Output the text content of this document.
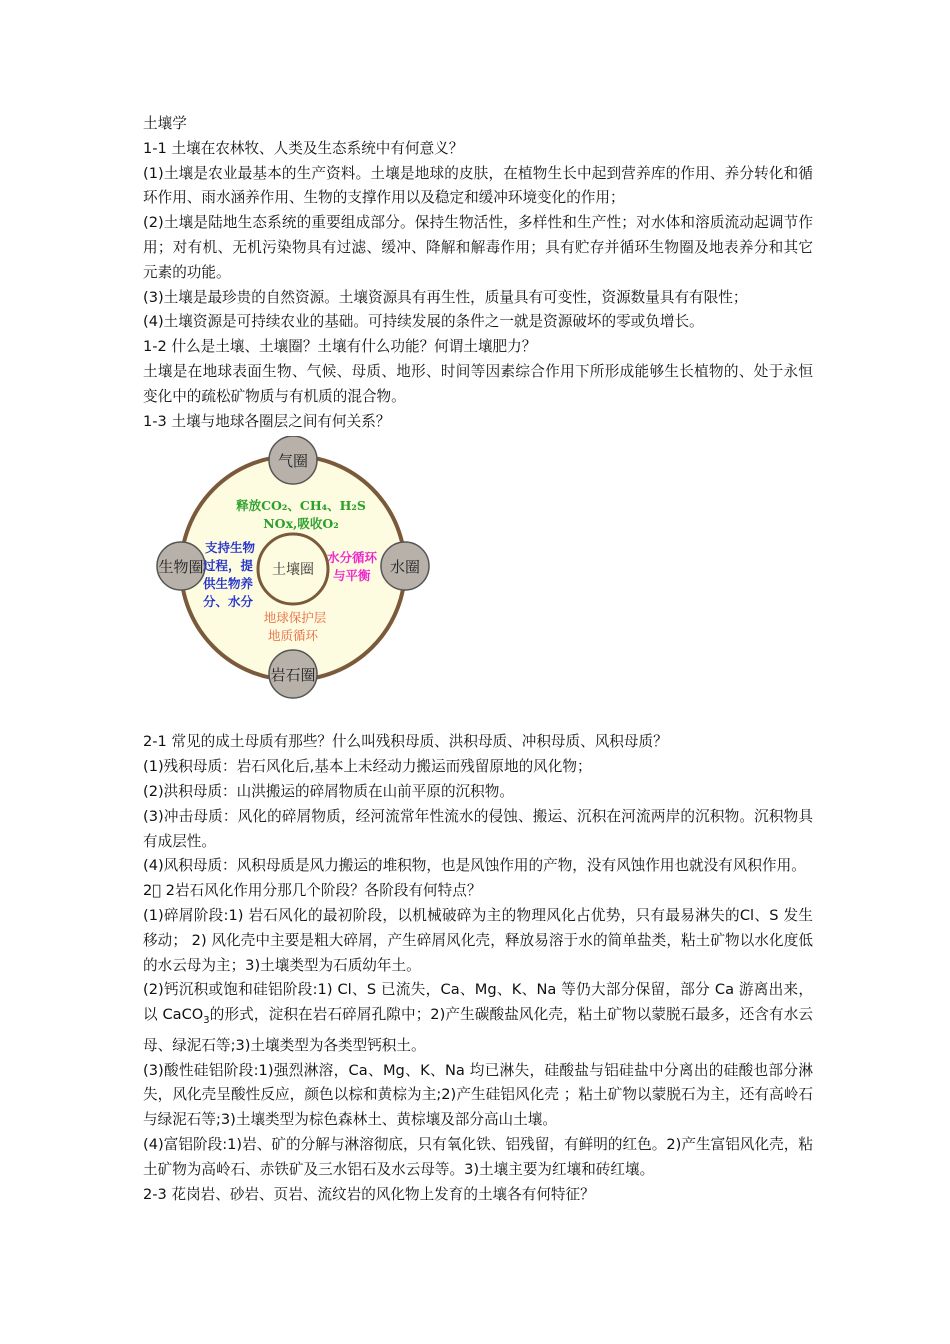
土壤学
1-1 土壤在农林牧、人类及生态系统中有何意义？
(1)土壤是农业最基本的生产资料。土壤是地球的皮肤，在植物生长中起到营养库的作用、养分转化和循环作用、雨水涵养作用、生物的支撑作用以及稳定和缓冲环境变化的作用；
(2)土壤是陆地生态系统的重要组成部分。保持生物活性，多样性和生产性；对水体和溶质流动起调节作用；对有机、无机污染物具有过滤、缓冲、降解和解毒作用；具有贮存并循环生物圈及地表养分和其它元素的功能。
(3)土壤是最珍贵的自然资源。土壤资源具有再生性，质量具有可变性，资源数量具有有限性；
(4)土壤资源是可持续农业的基础。可持续发展的条件之一就是资源破坏的零或负增长。
1-2 什么是土壤、土壤圈？土壤有什么功能？何谓土壤肥力？
土壤是在地球表面生物、气候、母质、地形、时间等因素综合作用下所形成能够生长植物的、处于永恒变化中的疏松矿物质与有机质的混合物。
1-3 土壤与地球各圈层之间有何关系？
气圈
生物圈	水圈
岩石圈
土壤圈
释放CO₂、CH₄、H₂S
NOx,吸收O₂
支持生物
过程，提
供生物养
分、水分
水分循环
与平衡
地球保护层
地质循环
2-1 常见的成土母质有那些？什么叫残积母质、洪积母质、冲积母质、风积母质？
(1)残积母质：岩石风化后,基本上未经动力搬运而残留原地的风化物；
(2)洪积母质：山洪搬运的碎屑物质在山前平原的沉积物。
(3)冲击母质：风化的碎屑物质，经河流常年性流水的侵蚀、搬运、沉积在河流两岸的沉积物。沉积物具有成层性。
(4)风积母质：风积母质是风力搬运的堆积物，也是风蚀作用的产物，没有风蚀作用也就没有风积作用。
2  2岩石风化作用分那几个阶段？各阶段有何特点？
(1)碎屑阶段:1) 岩石风化的最初阶段，以机械破碎为主的物理风化占优势，只有最易淋失的Cl、S 发生移动； 2) 风化壳中主要是粗大碎屑，产生碎屑风化壳，释放易溶于水的简单盐类，粘土矿物以水化度低的水云母为主；3)土壤类型为石质幼年土。
(2)钙沉积或饱和硅铝阶段:1) Cl、S 已流失，Ca、Mg、K、Na 等仍大部分保留，部分 Ca 游离出来，以 CaCO$_3$的形式，淀积在岩石碎屑孔隙中；2)产生碳酸盐风化壳，粘土矿物以蒙脱石最多，还含有水云母、绿泥石等;3)土壤类型为各类型钙积土。
(3)酸性硅铝阶段:1)强烈淋溶，Ca、Mg、K、Na 均已淋失，硅酸盐与铝硅盐中分离出的硅酸也部分淋失，风化壳呈酸性反应，颜色以棕和黄棕为主;2)产生硅铝风化壳 ；粘土矿物以蒙脱石为主，还有高岭石与绿泥石等;3)土壤类型为棕色森林土、黄棕壤及部分高山土壤。
(4)富铝阶段:1)岩、矿的分解与淋溶彻底，只有氧化铁、铝残留，有鲜明的红色。2)产生富铝风化壳，粘土矿物为高岭石、赤铁矿及三水铝石及水云母等。3)土壤主要为红壤和砖红壤。
2-3 花岗岩、砂岩、页岩、流纹岩的风化物上发育的土壤各有何特征？
